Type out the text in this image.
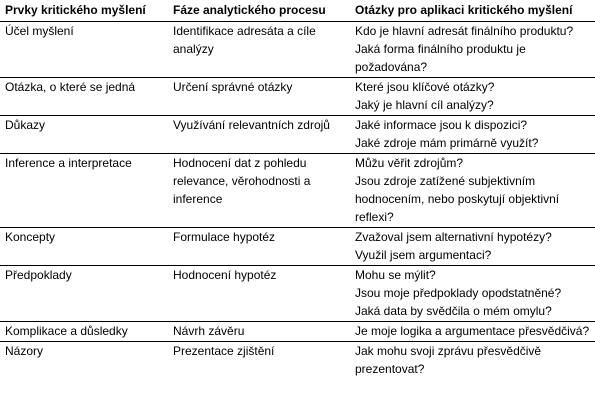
Prvky kritického myšlení	Fáze analytického procesu	Otázky pro aplikaci kritického myšlení
Účel myšlení	Identifikace adresáta a cíle analýzy	Kdo je hlavní adresát finálního produktu?
Jaká forma finálního produktu je požadována?

Otázka, o které se jedná	Určení správné otázky	Které jsou klíčové otázky?
Jaký je hlavní cíl analýzy?

Důkazy	Využívání relevantních zdrojů	Jaké informace jsou k dispozici?
Jaké zdroje mám primárně využít?

Inference a interpretace	Hodnocení dat z pohledu relevance, věrohodnosti a inference	Můžu věřit zdrojům?
Jsou zdroje zatížené subjektivním hodnocením, nebo poskytují objektivní reflexi?

Koncepty	Formulace hypotéz	Zvažoval jsem alternativní hypotézy?
Využil jsem argumentaci?

Předpoklady	Hodnocení hypotéz	Mohu se mýlit?
Jsou moje předpoklady opodstatněné?
Jaká data by svědčila o mém omylu?

Komplikace a důsledky	Návrh závěru	Je moje logika a argumentace přesvědčivá?

Názory	Prezentace zjištění	Jak mohu svoji zprávu přesvědčivě prezentovat?
